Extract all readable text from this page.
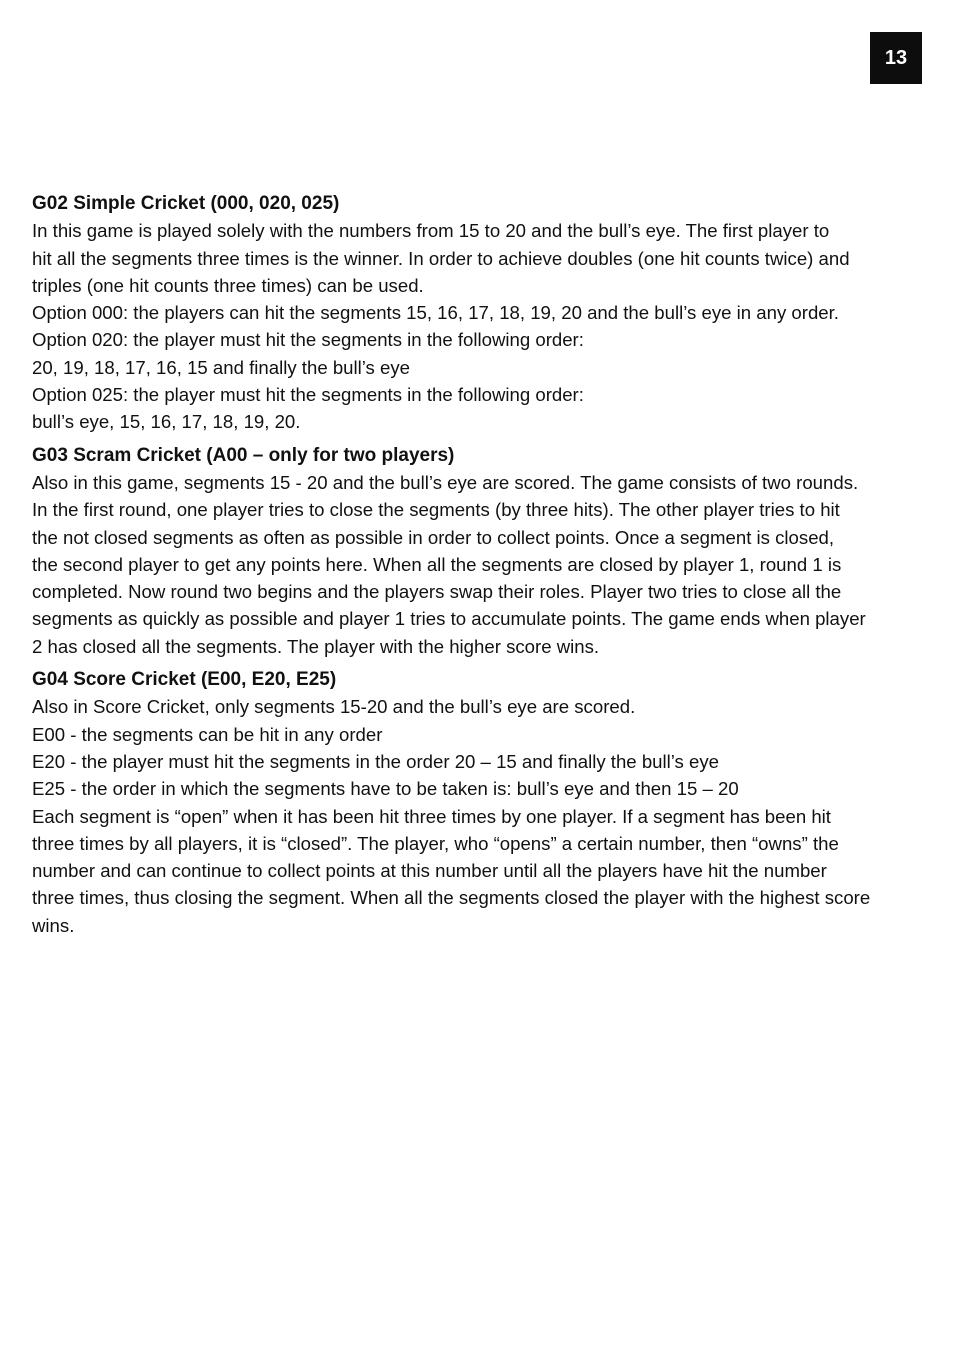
13

G02 Simple Cricket (000, 020, 025)

In this game is played solely with the numbers from 15 to 20 and the bull’s eye. The first player to

hit all the segments three times is the winner. In order to achieve doubles (one hit counts twice) and

triples (one hit counts three times) can be used.

Option 000: the players can hit the segments 15, 16, 17, 18, 19, 20 and the bull’s eye in any order.

Option 020: the player must hit the segments in the following order:

20, 19, 18, 17, 16, 15 and finally the bull’s eye

Option 025: the player must hit the segments in the following order:

bull’s eye, 15, 16, 17, 18, 19, 20.

G03 Scram Cricket (A00 – only for two players)

Also in this game, segments 15 - 20 and the bull’s eye are scored. The game consists of two rounds.

In the first round, one player tries to close the segments (by three hits). The other player tries to hit

the not closed segments as often as possible in order to collect points. Once a segment is closed,

the second player to get any points here. When all the segments are closed by player 1, round 1 is

completed. Now round two begins and the players swap their roles. Player two tries to close all the

segments as quickly as possible and player 1 tries to accumulate points. The game ends when player

2 has closed all the segments. The player with the higher score wins.

G04 Score Cricket (E00, E20, E25)

Also in Score Cricket, only segments 15-20 and the bull’s eye are scored.

E00 - the segments can be hit in any order

E20 - the player must hit the segments in the order 20 – 15 and finally the bull’s eye

E25 - the order in which the segments have to be taken is: bull’s eye and then 15 – 20

Each segment is “open” when it has been hit three times by one player. If a segment has been hit

three times by all players, it is “closed”. The player, who “opens” a certain number, then “owns” the

number and can continue to collect points at this number until all the players have hit the number

three times, thus closing the segment. When all the segments closed the player with the highest score

wins.
